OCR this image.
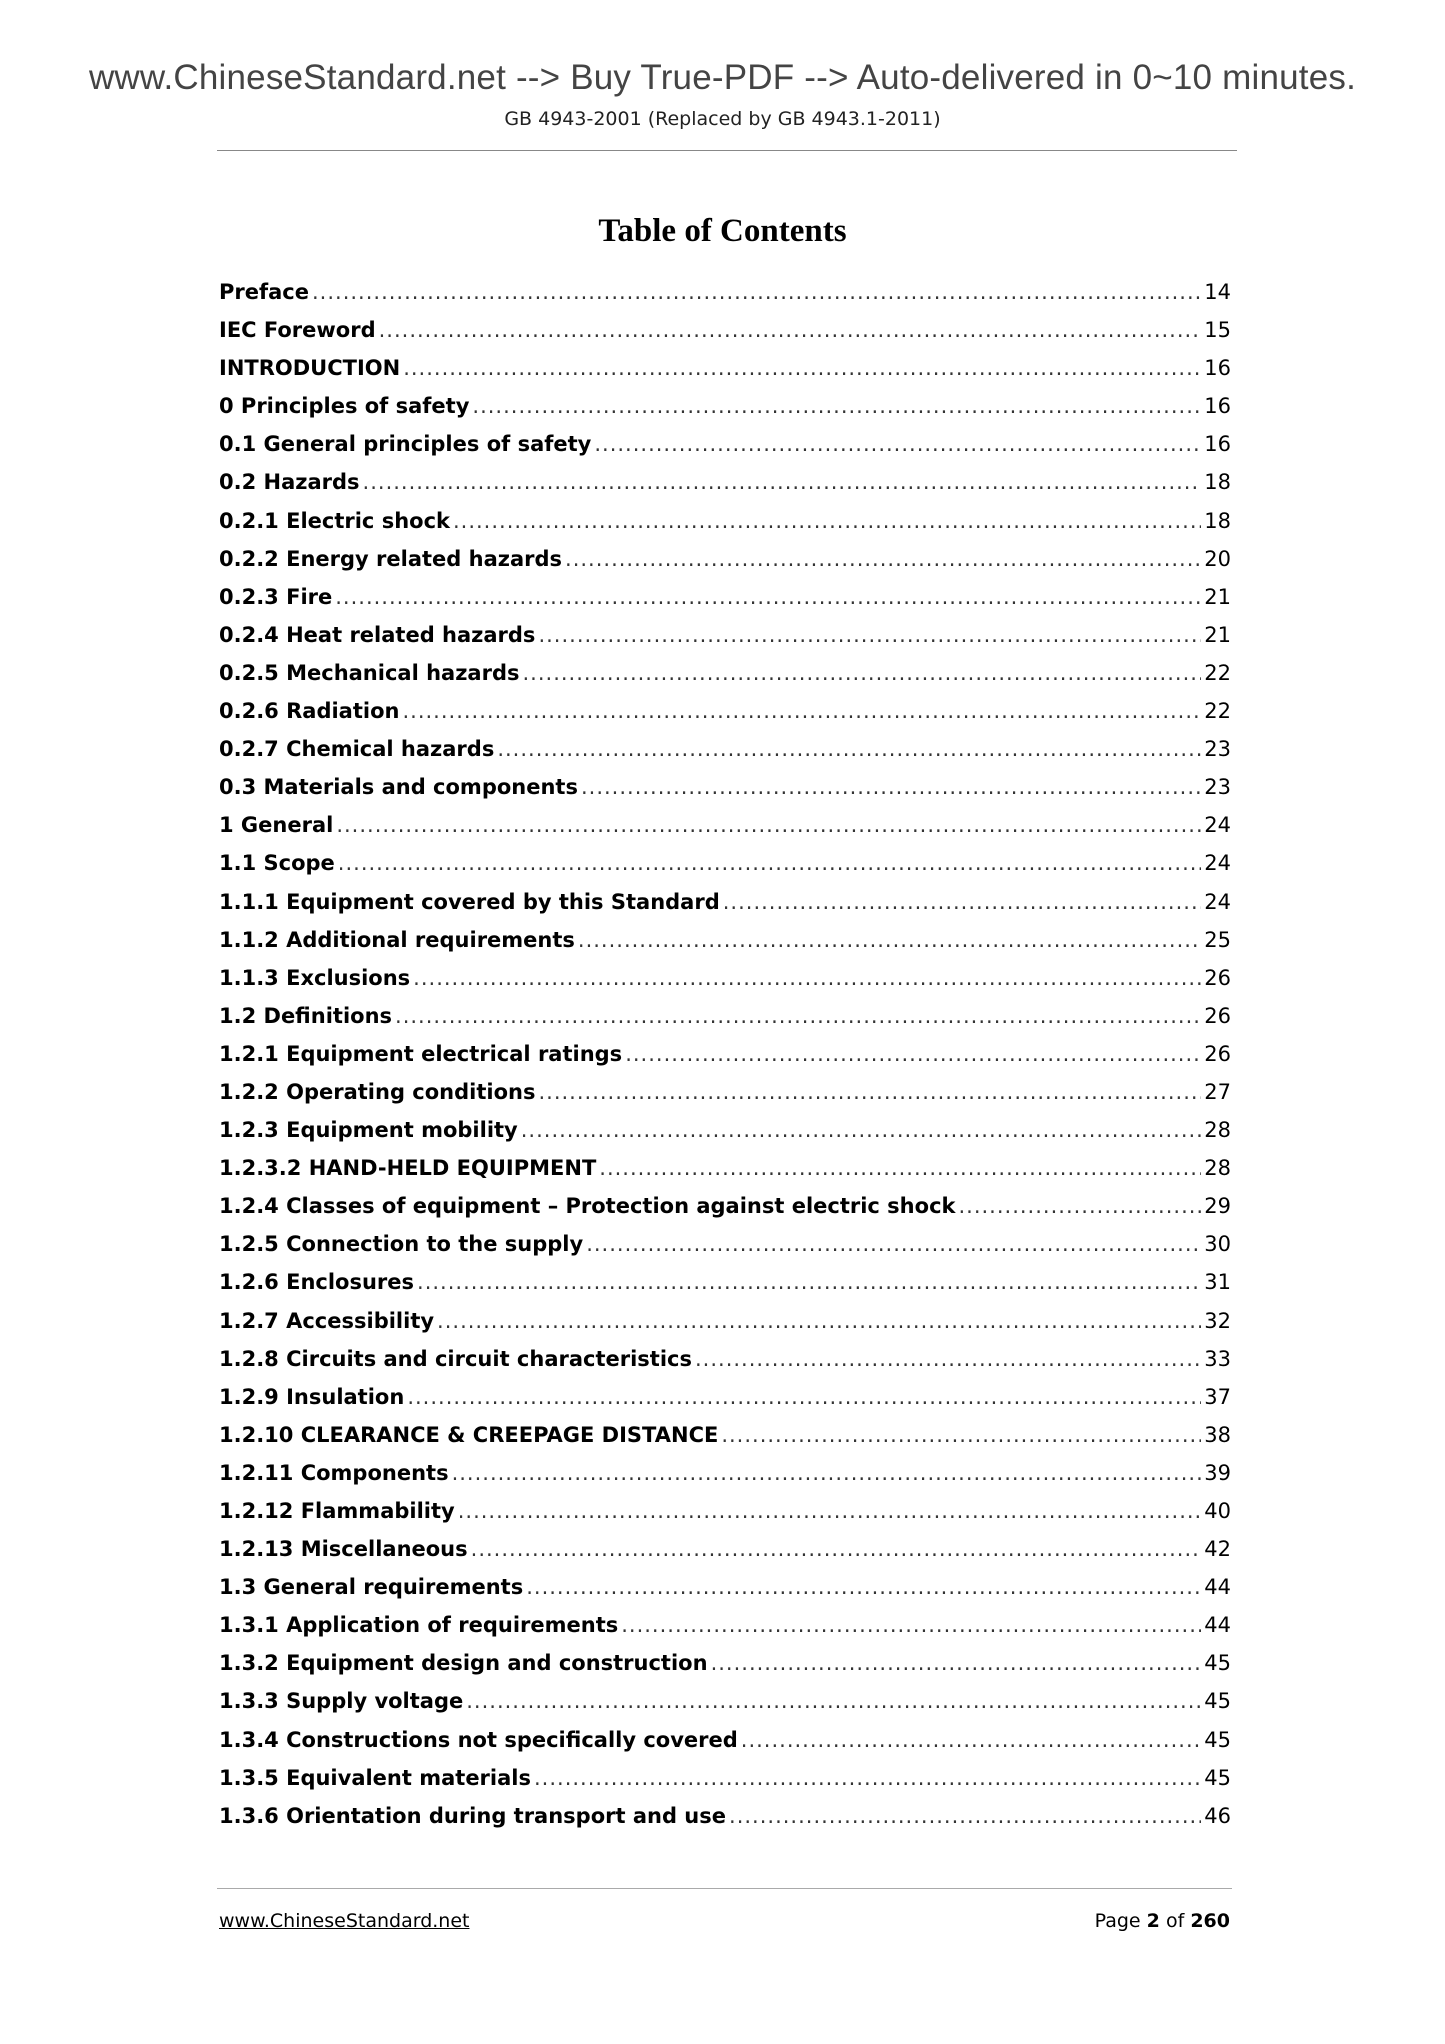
www.ChineseStandard.net --> Buy True-PDF --> Auto-delivered in 0~10 minutes.
GB 4943-2001 (Replaced by GB 4943.1-2011)
Table of Contents
Preface .....	14
IEC Foreword .....	15
INTRODUCTION .....	16
0 Principles of safety .....	16
0.1 General principles of safety .....	16
0.2 Hazards .....	18
0.2.1 Electric shock .....	18
0.2.2 Energy related hazards .....	20
0.2.3 Fire .....	21
0.2.4 Heat related hazards .....	21
0.2.5 Mechanical hazards .....	22
0.2.6 Radiation .....	22
0.2.7 Chemical hazards .....	23
0.3 Materials and components .....	23
1 General .....	24
1.1 Scope .....	24
1.1.1 Equipment covered by this Standard .....	24
1.1.2 Additional requirements .....	25
1.1.3 Exclusions .....	26
1.2 Definitions .....	26
1.2.1 Equipment electrical ratings .....	26
1.2.2 Operating conditions .....	27
1.2.3 Equipment mobility .....	28
1.2.3.2 HAND-HELD EQUIPMENT .....	28
1.2.4 Classes of equipment – Protection against electric shock .....	29
1.2.5 Connection to the supply .....	30
1.2.6 Enclosures .....	31
1.2.7 Accessibility .....	32
1.2.8 Circuits and circuit characteristics .....	33
1.2.9 Insulation .....	37
1.2.10 CLEARANCE & CREEPAGE DISTANCE .....	38
1.2.11 Components .....	39
1.2.12 Flammability .....	40
1.2.13 Miscellaneous .....	42
1.3 General requirements .....	44
1.3.1 Application of requirements .....	44
1.3.2 Equipment design and construction .....	45
1.3.3 Supply voltage .....	45
1.3.4 Constructions not specifically covered .....	45
1.3.5 Equivalent materials .....	45
1.3.6 Orientation during transport and use .....	46
www.ChineseStandard.net	Page 2 of 260
